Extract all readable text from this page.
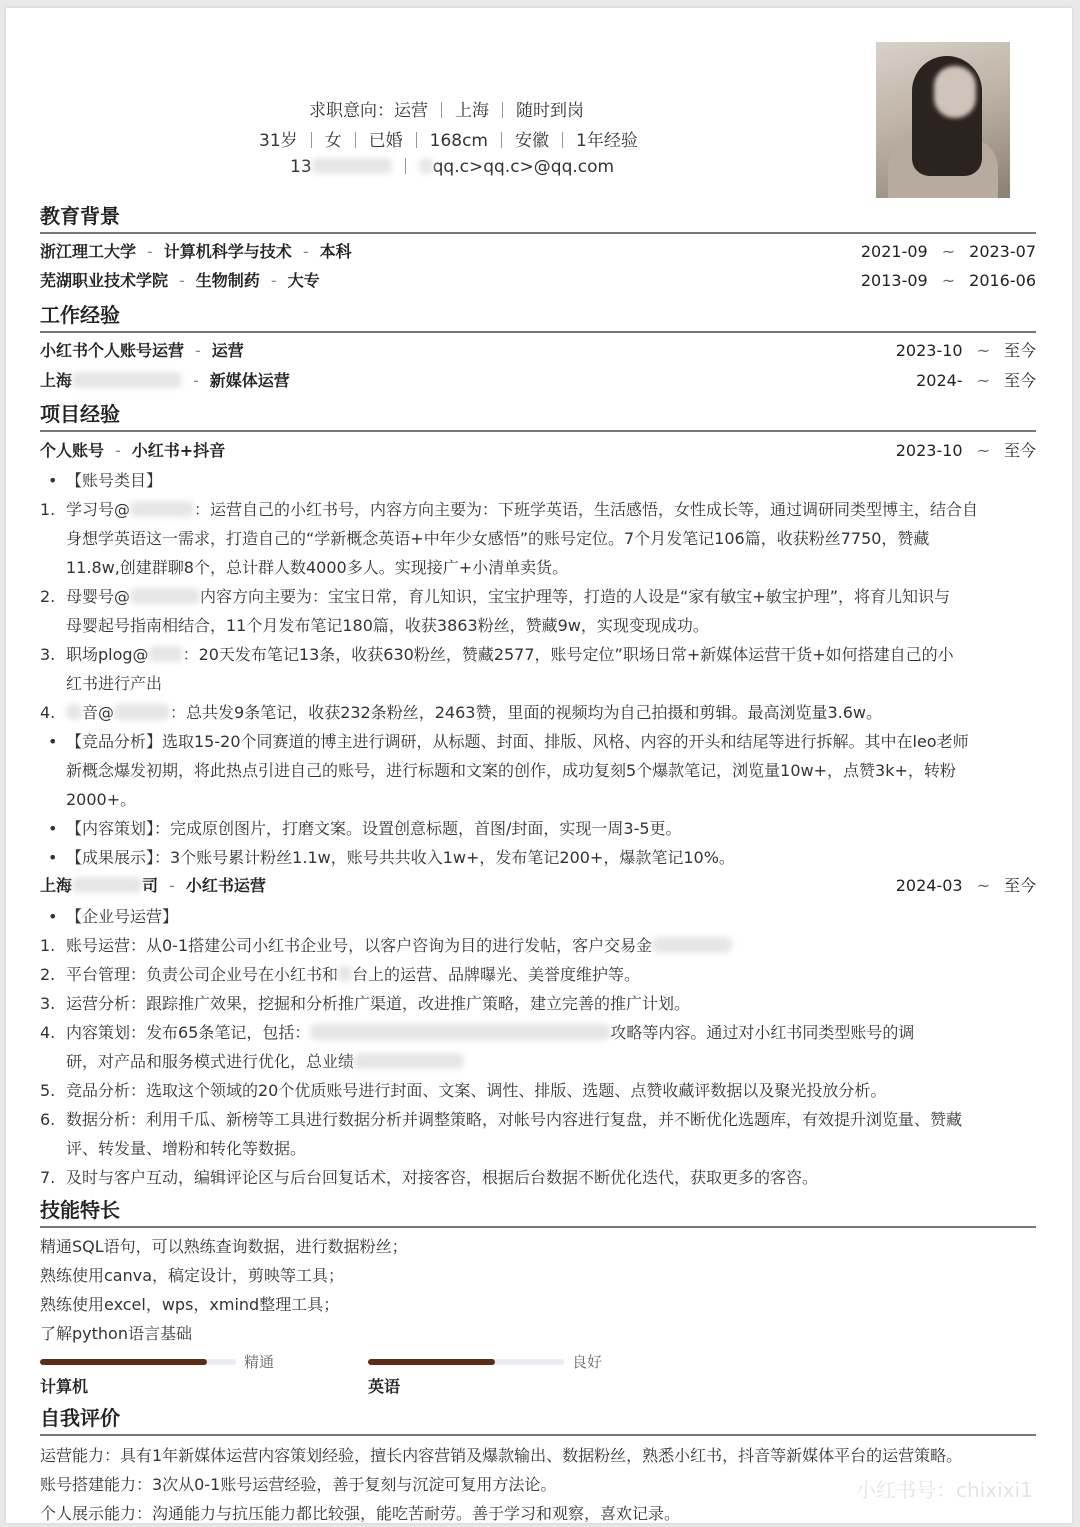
求职意向：运营 上海 随时到岗
31岁 女 已婚 168cm 安徽 1年经验
13	qq.c>qq.c>@qq.com
教育背景
浙江理工大学 - 计算机科学与技术 - 本科	2021-09 ~ 2023-07
芜湖职业技术学院 - 生物制药 - 大专	2013-09 ~ 2016-06
工作经验
小红书个人账号运营 - 运营	2023-10 ~ 至今
上海	- 新媒体运营	2024- ~ 至今
项目经验
个人账号 - 小红书+抖音	2023-10 ~ 至今
• 【账号类目】
1. 学习号@	：运营自己的小红书号，内容方向主要为：下班学英语，生活感悟，女性成长等，通过调研同类型博主，结合自
身想学英语这一需求，打造自己的“学新概念英语+中年少女感悟”的账号定位。7个月发笔记106篇，收获粉丝7750，赞藏
11.8w,创建群聊8个，总计群人数4000多人。实现接广+小清单卖货。
2. 母婴号@	内容方向主要为：宝宝日常，育儿知识，宝宝护理等，打造的人设是“家有敏宝+敏宝护理”，将育儿知识与
母婴起号指南相结合，11个月发布笔记180篇，收获3863粉丝，赞藏9w，实现变现成功。
3. 职场plog@ ：20天发布笔记13条，收获630粉丝，赞藏2577，账号定位”职场日常+新媒体运营干货+如何搭建自己的小
红书进行产出
4.	音@	：总共发9条笔记，收获232条粉丝，2463赞，里面的视频均为自己拍摄和剪辑。最高浏览量3.6w。
• 【竞品分析】选取15-20个同赛道的博主进行调研，从标题、封面、排版、风格、内容的开头和结尾等进行拆解。其中在leo老师
新概念爆发初期，将此热点引进自己的账号，进行标题和文案的创作，成功复刻5个爆款笔记，浏览量10w+，点赞3k+，转粉
2000+。
• 【内容策划】：完成原创图片，打磨文案。设置创意标题，首图/封面，实现一周3-5更。
• 【成果展示】：3个账号累计粉丝1.1w，账号共共收入1w+，发布笔记200+，爆款笔记10%。
上海	司 - 小红书运营	2024-03 ~ 至今
• 【企业号运营】
1. 账号运营：从0-1搭建公司小红书企业号，以客户咨询为目的进行发帖，客户交易金
2. 平台管理：负责公司企业号在小红书和 台上的运营、品牌曝光、美誉度维护等。
3. 运营分析：跟踪推广效果，挖掘和分析推广渠道，改进推广策略，建立完善的推广计划。
4. 内容策划：发布65条笔记，包括：	攻略等内容。通过对小红书同类型账号的调
研，对产品和服务模式进行优化，总业绩
5. 竞品分析：选取这个领域的20个优质账号进行封面、文案、调性、排版、选题、点赞收藏评数据以及聚光投放分析。
6. 数据分析：利用千瓜、新榜等工具进行数据分析并调整策略，对帐号内容进行复盘，并不断优化选题库，有效提升浏览量、赞藏
评、转发量、增粉和转化等数据。
7. 及时与客户互动，编辑评论区与后台回复话术，对接客咨，根据后台数据不断优化迭代，获取更多的客咨。
技能特长
精通SQL语句，可以熟练查询数据，进行数据粉丝；
熟练使用canva，稿定设计，剪映等工具；
熟练使用excel，wps，xmind整理工具；
了解python语言基础
精通
计算机
良好
英语
自我评价
运营能力：具有1年新媒体运营内容策划经验，擅长内容营销及爆款输出、数据粉丝，熟悉小红书，抖音等新媒体平台的运营策略。
账号搭建能力：3次从0-1账号运营经验，善于复刻与沉淀可复用方法论。
个人展示能力：沟通能力与抗压能力都比较强，能吃苦耐劳。善于学习和观察，喜欢记录。
小红书号：chixixi1
